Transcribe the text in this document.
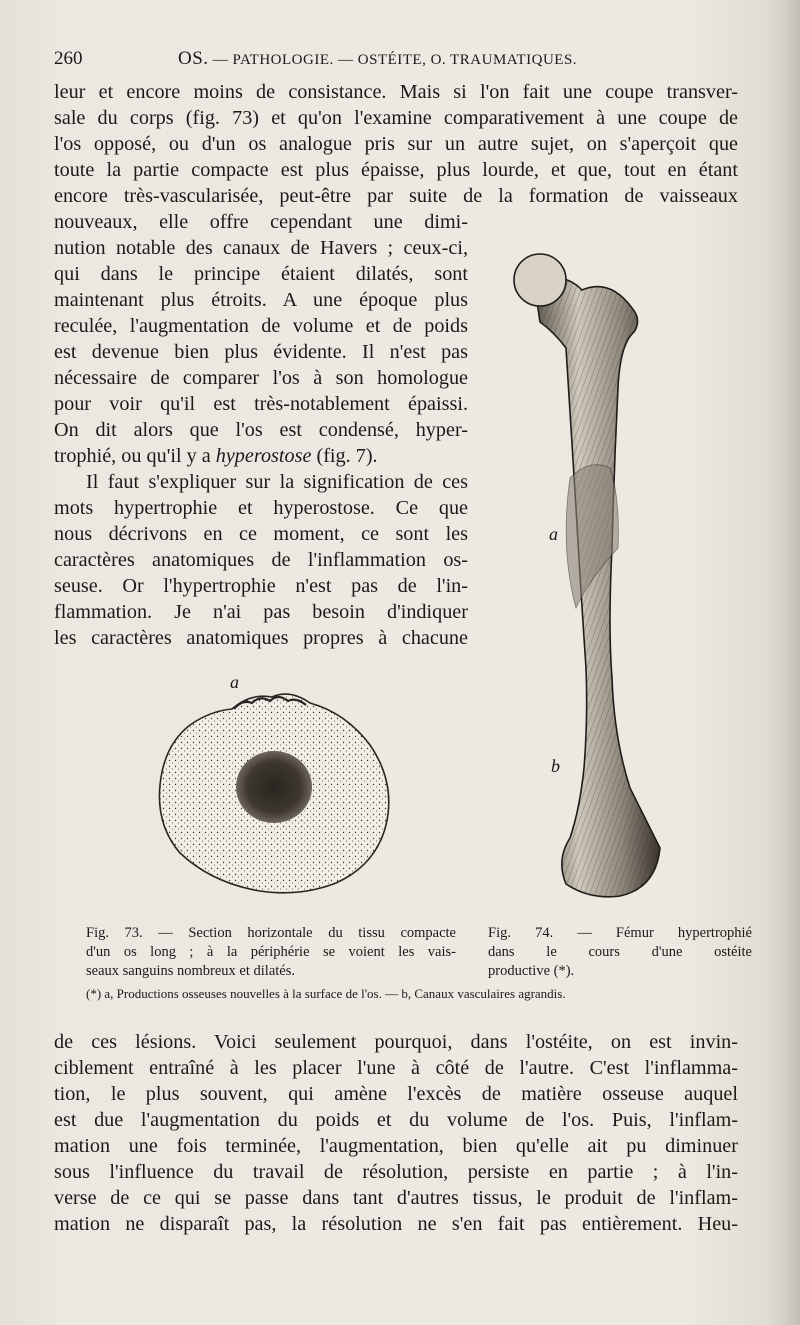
260	OS. — PATHOLOGIE. — OSTÉITE, O. TRAUMATIQUES.
leur et encore moins de consistance. Mais si l'on fait une coupe transver-
sale du corps (fig. 73) et qu'on l'examine comparativement à une coupe de
l'os opposé, ou d'un os analogue pris sur un autre sujet, on s'aperçoit que
toute la partie compacte est plus épaisse, plus lourde, et que, tout en étant
encore très-vascularisée, peut-être par suite de la formation de vaisseaux
nouveaux, elle offre cependant une dimi-
nution notable des canaux de Havers ; ceux-ci,
qui dans le principe étaient dilatés, sont
maintenant plus étroits. A une époque plus
reculée, l'augmentation de volume et de poids
est devenue bien plus évidente. Il n'est pas
nécessaire de comparer l'os à son homologue
pour voir qu'il est très-notablement épaissi.
On dit alors que l'os est condensé, hyper-
trophié, ou qu'il y a hyperostose (fig. 7).
Il faut s'expliquer sur la signification de ces
mots hypertrophie et hyperostose. Ce que
nous décrivons en ce moment, ce sont les
caractères anatomiques de l'inflammation os-
seuse. Or l'hypertrophie n'est pas de l'in-
flammation. Je n'ai pas besoin d'indiquer
les caractères anatomiques propres à chacune
a
a
b
Fig. 73. — Section horizontale du tissu compacte
d'un os long ; à la périphérie se voient les vais-
seaux sanguins nombreux et dilatés.
Fig. 74. — Fémur hypertrophié
dans le cours d'une ostéite
productive (*).
(*) a, Productions osseuses nouvelles à la surface de l'os. — b, Canaux vasculaires agrandis.
de ces lésions. Voici seulement pourquoi, dans l'ostéite, on est invin-
ciblement entraîné à les placer l'une à côté de l'autre. C'est l'inflamma-
tion, le plus souvent, qui amène l'excès de matière osseuse auquel
est due l'augmentation du poids et du volume de l'os. Puis, l'inflam-
mation une fois terminée, l'augmentation, bien qu'elle ait pu diminuer
sous l'influence du travail de résolution, persiste en partie ; à l'in-
verse de ce qui se passe dans tant d'autres tissus, le produit de l'inflam-
mation ne disparaît pas, la résolution ne s'en fait pas entièrement. Heu-
